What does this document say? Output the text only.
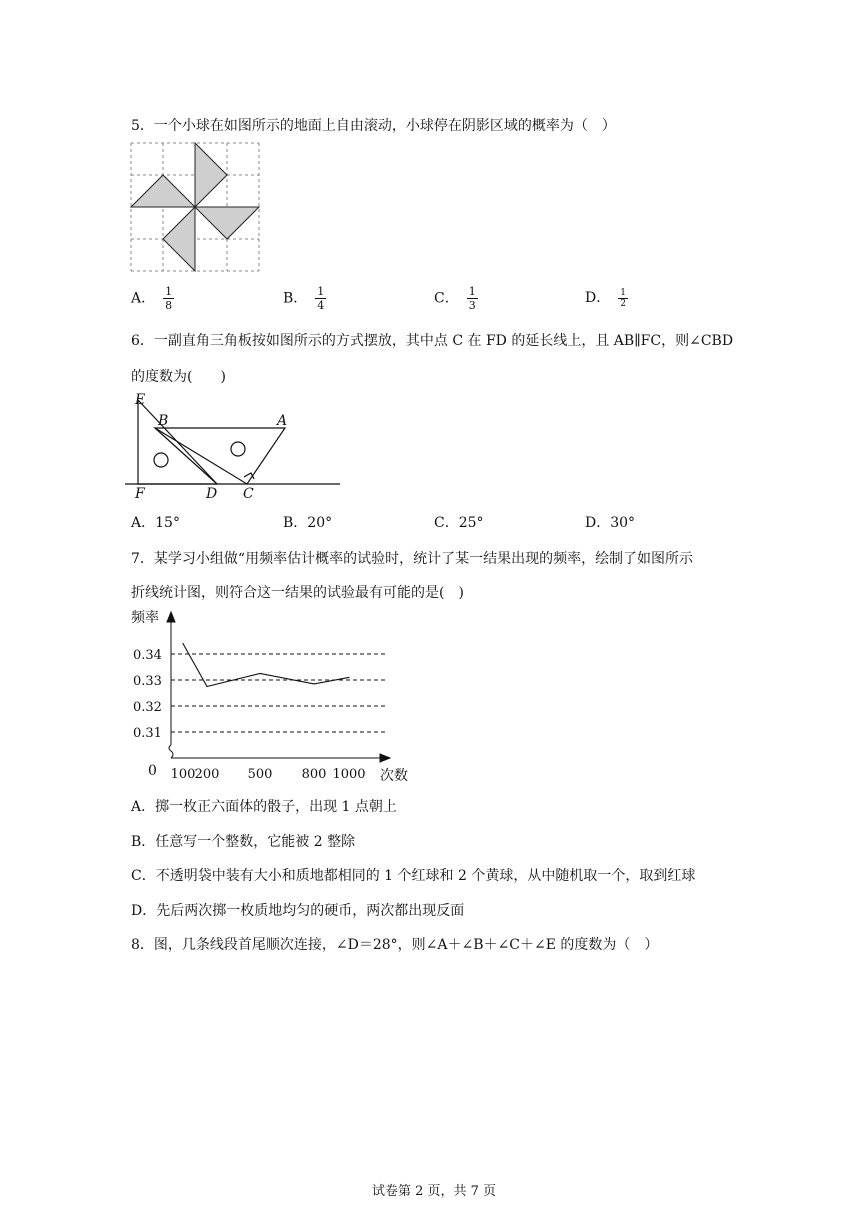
5．一个小球在如图所示的地面上自由滚动，小球停在阴影区域的概率为（　）
A． $\frac{1}{8}$	B． $\frac{1}{4}$	C． $\frac{1}{3}$	D． $\frac{1}{2}$
6．一副直角三角板按如图所示的方式摆放，其中点 C 在 FD 的延长线上，且 AB∥FC，则∠CBD
的度数为(　　)
E
B	A
F	D C
A．15°	B．20°	C．25°	D．30°
7．某学习小组做“用频率估计概率的试验时，统计了某一结果出现的频率，绘制了如图所示
折线统计图，则符合这一结果的试验最有可能的是(　)
频率
次数
0
0.31
0.32
0.33
0.34
100 200 500 800 1000
A．掷一枚正六面体的骰子，出现 1 点朝上
B．任意写一个整数，它能被 2 整除
C．不透明袋中装有大小和质地都相同的 1 个红球和 2 个黄球，从中随机取一个，取到红球
D．先后两次掷一枚质地均匀的硬币，两次都出现反面
8．图，几条线段首尾顺次连接，∠D＝28°，则∠A＋∠B＋∠C＋∠E 的度数为（　）
试卷第 2 页，共 7 页
